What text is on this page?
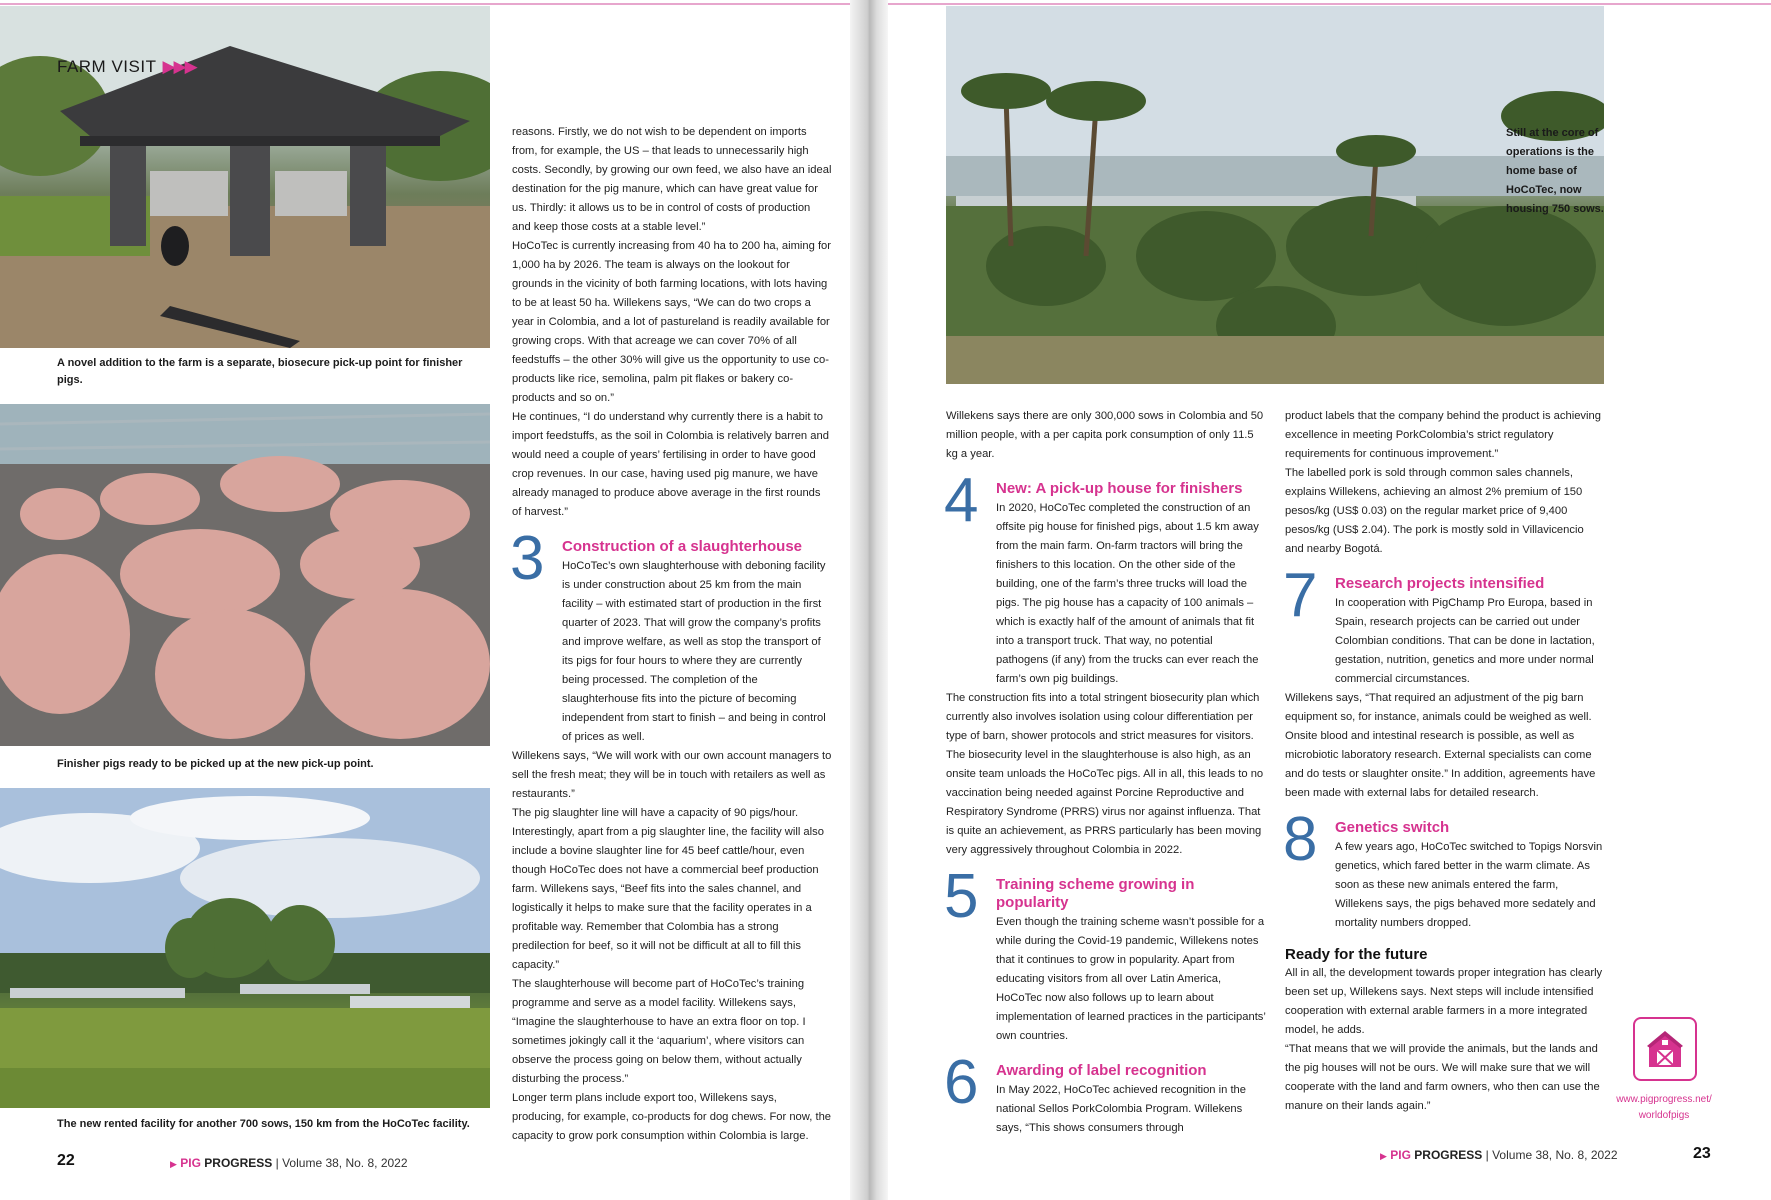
FARM VISIT ▶▶▶
A novel addition to the farm is a separate, biosecure pick-up point for finisher pigs.
Finisher pigs ready to be picked up at the new pick-up point.
The new rented facility for another 700 sows, 150 km from the HoCoTec facility.

reasons. Firstly, we do not wish to be dependent on imports from, for example, the US – that leads to unnecessarily high costs. Secondly, by growing our own feed, we also have an ideal destination for the pig manure, which can have great value for us. Thirdly: it allows us to be in control of costs of production and keep those costs at a stable level.”

HoCoTec is currently increasing from 40 ha to 200 ha, aiming for 1,000 ha by 2026. The team is always on the lookout for grounds in the vicinity of both farming locations, with lots having to be at least 50 ha. Willekens says, “We can do two crops a year in Colombia, and a lot of pastureland is readily available for growing crops. With that acreage we can cover 70% of all feedstuffs – the other 30% will give us the opportunity to use co-products like rice, semolina, palm pit flakes or bakery co-products and so on.”

He continues, “I do understand why currently there is a habit to import feedstuffs, as the soil in Colombia is relatively barren and would need a couple of years’ fertilising in order to have good crop revenues. In our case, having used pig manure, we have already managed to produce above average in the first rounds of harvest.”

3 Construction of a slaughterhouse

HoCoTec’s own slaughterhouse with deboning facility is under construction about 25 km from the main facility – with estimated start of production in the first quarter of 2023. That will grow the company’s profits and improve welfare, as well as stop the transport of its pigs for four hours to where they are currently being processed. The completion of the slaughterhouse fits into the picture of becoming independent from start to finish – and being in control of prices as well.

Willekens says, “We will work with our own account managers to sell the fresh meat; they will be in touch with retailers as well as restaurants.”

The pig slaughter line will have a capacity of 90 pigs/hour. Interestingly, apart from a pig slaughter line, the facility will also include a bovine slaughter line for 45 beef cattle/hour, even though HoCoTec does not have a commercial beef production farm. Willekens says, “Beef fits into the sales channel, and logistically it helps to make sure that the facility operates in a profitable way. Remember that Colombia has a strong predilection for beef, so it will not be difficult at all to fill this capacity.”

The slaughterhouse will become part of HoCoTec’s training programme and serve as a model facility. Willekens says, “Imagine the slaughterhouse to have an extra floor on top. I sometimes jokingly call it the ‘aquarium’, where visitors can observe the process going on below them, without actually disturbing the process.”

Longer term plans include export too, Willekens says, producing, for example, co-products for dog chews. For now, the capacity to grow pork consumption within Colombia is large.

22	▶ PIG PROGRESS | Volume 38, No. 8, 2022
Still at the core of operations is the home base of HoCoTec, now housing 750 sows.

Willekens says there are only 300,000 sows in Colombia and 50 million people, with a per capita pork consumption of only 11.5 kg a year.

4 New: A pick-up house for finishers

In 2020, HoCoTec completed the construction of an offsite pig house for finished pigs, about 1.5 km away from the main farm. On-farm tractors will bring the finishers to this location. On the other side of the building, one of the farm’s three trucks will load the pigs. The pig house has a capacity of 100 animals – which is exactly half of the amount of animals that fit into a transport truck. That way, no potential pathogens (if any) from the trucks can ever reach the farm’s own pig buildings.

The construction fits into a total stringent biosecurity plan which currently also involves isolation using colour differentiation per type of barn, shower protocols and strict measures for visitors. The biosecurity level in the slaughterhouse is also high, as an onsite team unloads the HoCoTec pigs. All in all, this leads to no vaccination being needed against Porcine Reproductive and Respiratory Syndrome (PRRS) virus nor against influenza. That is quite an achievement, as PRRS particularly has been moving very aggressively throughout Colombia in 2022.

5 Training scheme growing in popularity

Even though the training scheme wasn’t possible for a while during the Covid-19 pandemic, Willekens notes that it continues to grow in popularity. Apart from educating visitors from all over Latin America, HoCoTec now also follows up to learn about implementation of learned practices in the participants’ own countries.

6 Awarding of label recognition

In May 2022, HoCoTec achieved recognition in the national Sellos PorkColombia Program. Willekens says, “This shows consumers through

product labels that the company behind the product is achieving excellence in meeting PorkColombia’s strict regulatory requirements for continuous improvement.”

The labelled pork is sold through common sales channels, explains Willekens, achieving an almost 2% premium of 150 pesos/kg (US$ 0.03) on the regular market price of 9,400 pesos/kg (US$ 2.04). The pork is mostly sold in Villavicencio and nearby Bogotá.

7 Research projects intensified

In cooperation with PigChamp Pro Europa, based in Spain, research projects can be carried out under Colombian conditions. That can be done in lactation, gestation, nutrition, genetics and more under normal commercial circumstances.

Willekens says, “That required an adjustment of the pig barn equipment so, for instance, animals could be weighed as well. Onsite blood and intestinal research is possible, as well as microbiotic laboratory research. External specialists can come and do tests or slaughter onsite.” In addition, agreements have been made with external labs for detailed research.

8 Genetics switch

A few years ago, HoCoTec switched to Topigs Norsvin genetics, which fared better in the warm climate. As soon as these new animals entered the farm, Willekens says, the pigs behaved more sedately and mortality numbers dropped.

Ready for the future

All in all, the development towards proper integration has clearly been set up, Willekens says. Next steps will include intensified cooperation with external arable farmers in a more integrated model, he adds.

“That means that we will provide the animals, but the lands and the pig houses will not be ours. We will make sure that we will cooperate with the land and farm owners, who then can use the manure on their lands again.”

www.pigprogress.net/
worldofpigs
▶ PIG PROGRESS | Volume 38, No. 8, 2022	23
